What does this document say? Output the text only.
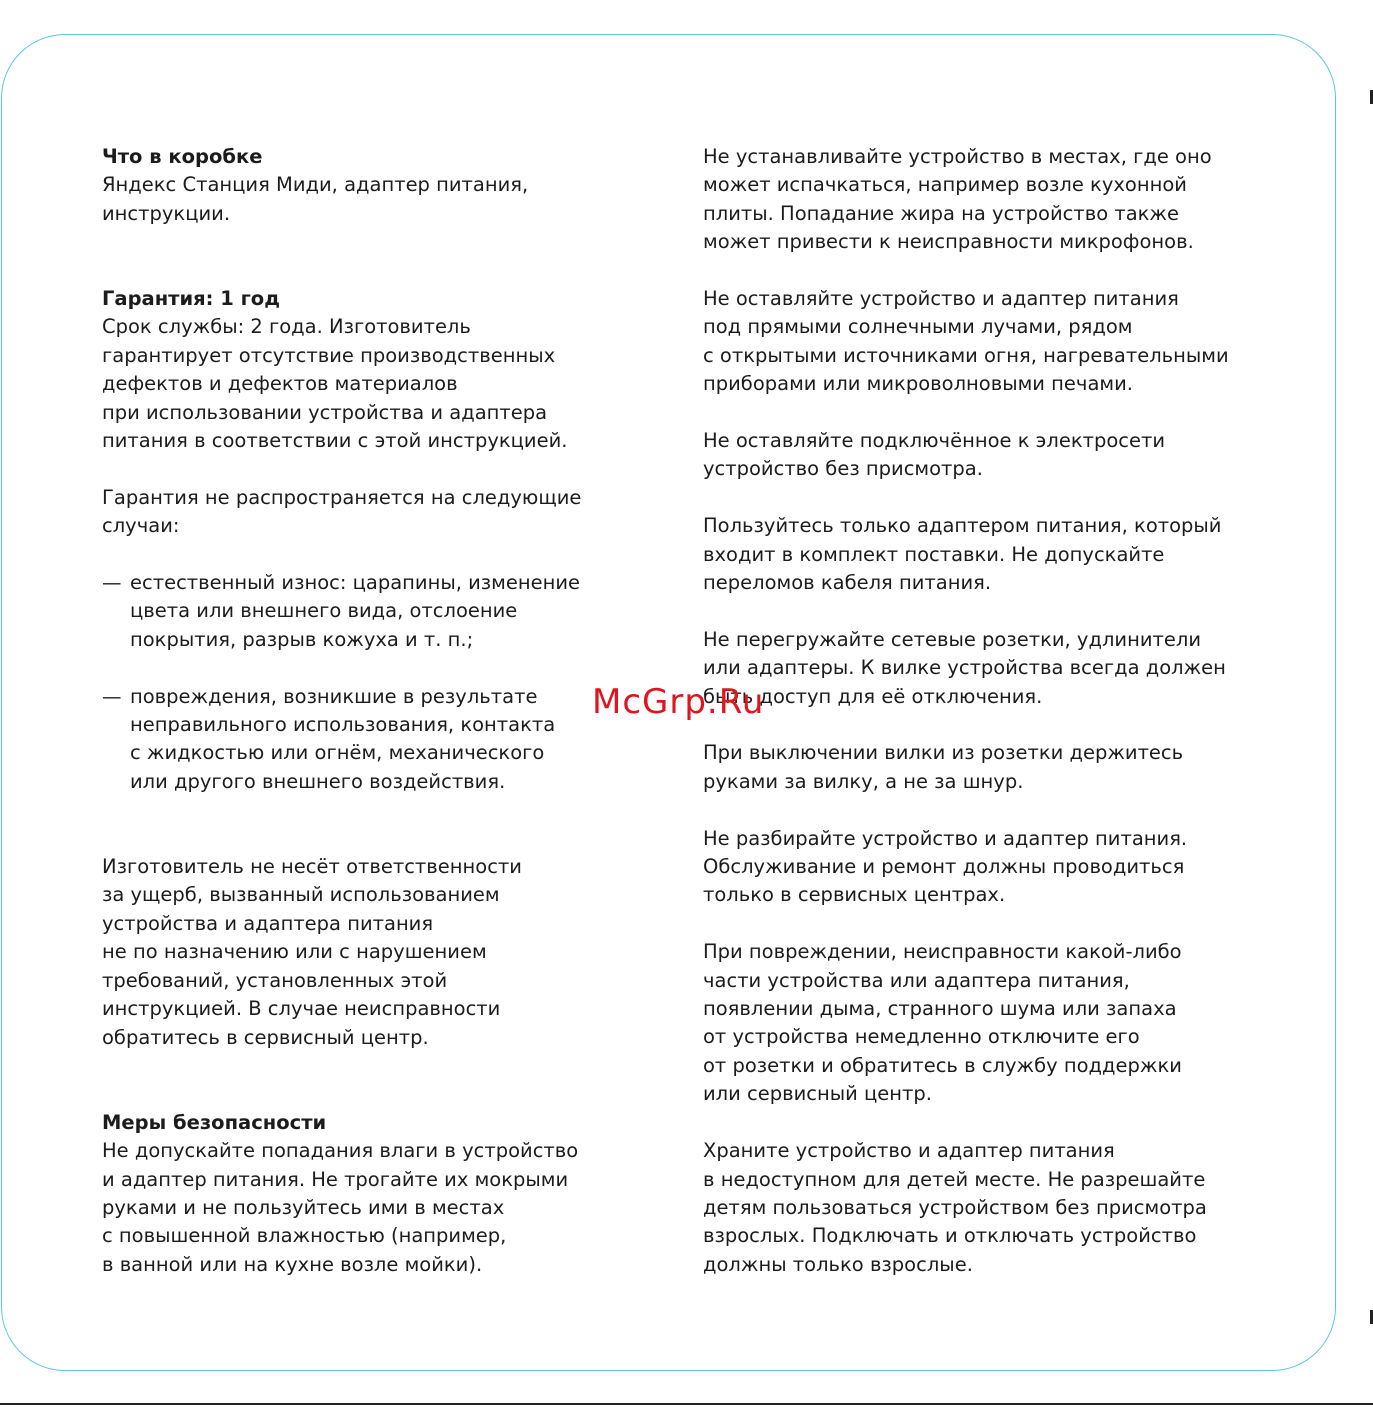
Что в коробке

Яндекс Станция Миди, адаптер питания,
инструкции.

Гарантия: 1 год

Срок службы: 2 года. Изготовитель
гарантирует отсутствие производственных
дефектов и дефектов материалов
при использовании устройства и адаптера
питания в соответствии с этой инструкцией.

Гарантия не распространяется на следующие
случаи:

— естественный износ: царапины, изменение
цвета или внешнего вида, отслоение
покрытия, разрыв кожуха и т. п.;

— повреждения, возникшие в результате
неправильного использования, контакта
с жидкостью или огнём, механического
или другого внешнего воздействия.

Изготовитель не несёт ответственности
за ущерб, вызванный использованием
устройства и адаптера питания
не по назначению или с нарушением
требований, установленных этой
инструкцией. В случае неисправности
обратитесь в сервисный центр.

Меры безопасности

Не допускайте попадания влаги в устройство
и адаптер питания. Не трогайте их мокрыми
руками и не пользуйтесь ими в местах
с повышенной влажностью (например,
в ванной или на кухне возле мойки).

Не устанавливайте устройство в местах, где оно
может испачкаться, например возле кухонной
плиты. Попадание жира на устройство также
может привести к неисправности микрофонов.

Не оставляйте устройство и адаптер питания
под прямыми солнечными лучами, рядом
с открытыми источниками огня, нагревательными
приборами или микроволновыми печами.

Не оставляйте подключённое к электросети
устройство без присмотра.

Пользуйтесь только адаптером питания, который
входит в комплект поставки. Не допускайте
переломов кабеля питания.

Не перегружайте сетевые розетки, удлинители
или адаптеры. К вилке устройства всегда должен
быть доступ для её отключения.

При выключении вилки из розетки держитесь
руками за вилку, а не за шнур.

Не разбирайте устройство и адаптер питания.
Обслуживание и ремонт должны проводиться
только в сервисных центрах.

При повреждении, неисправности какой-либо
части устройства или адаптера питания,
появлении дыма, странного шума или запаха
от устройства немедленно отключите его
от розетки и обратитесь в службу поддержки
или сервисный центр.

Храните устройство и адаптер питания
в недоступном для детей месте. Не разрешайте
детям пользоваться устройством без присмотра
взрослых. Подключать и отключать устройство
должны только взрослые.

McGrp.Ru
